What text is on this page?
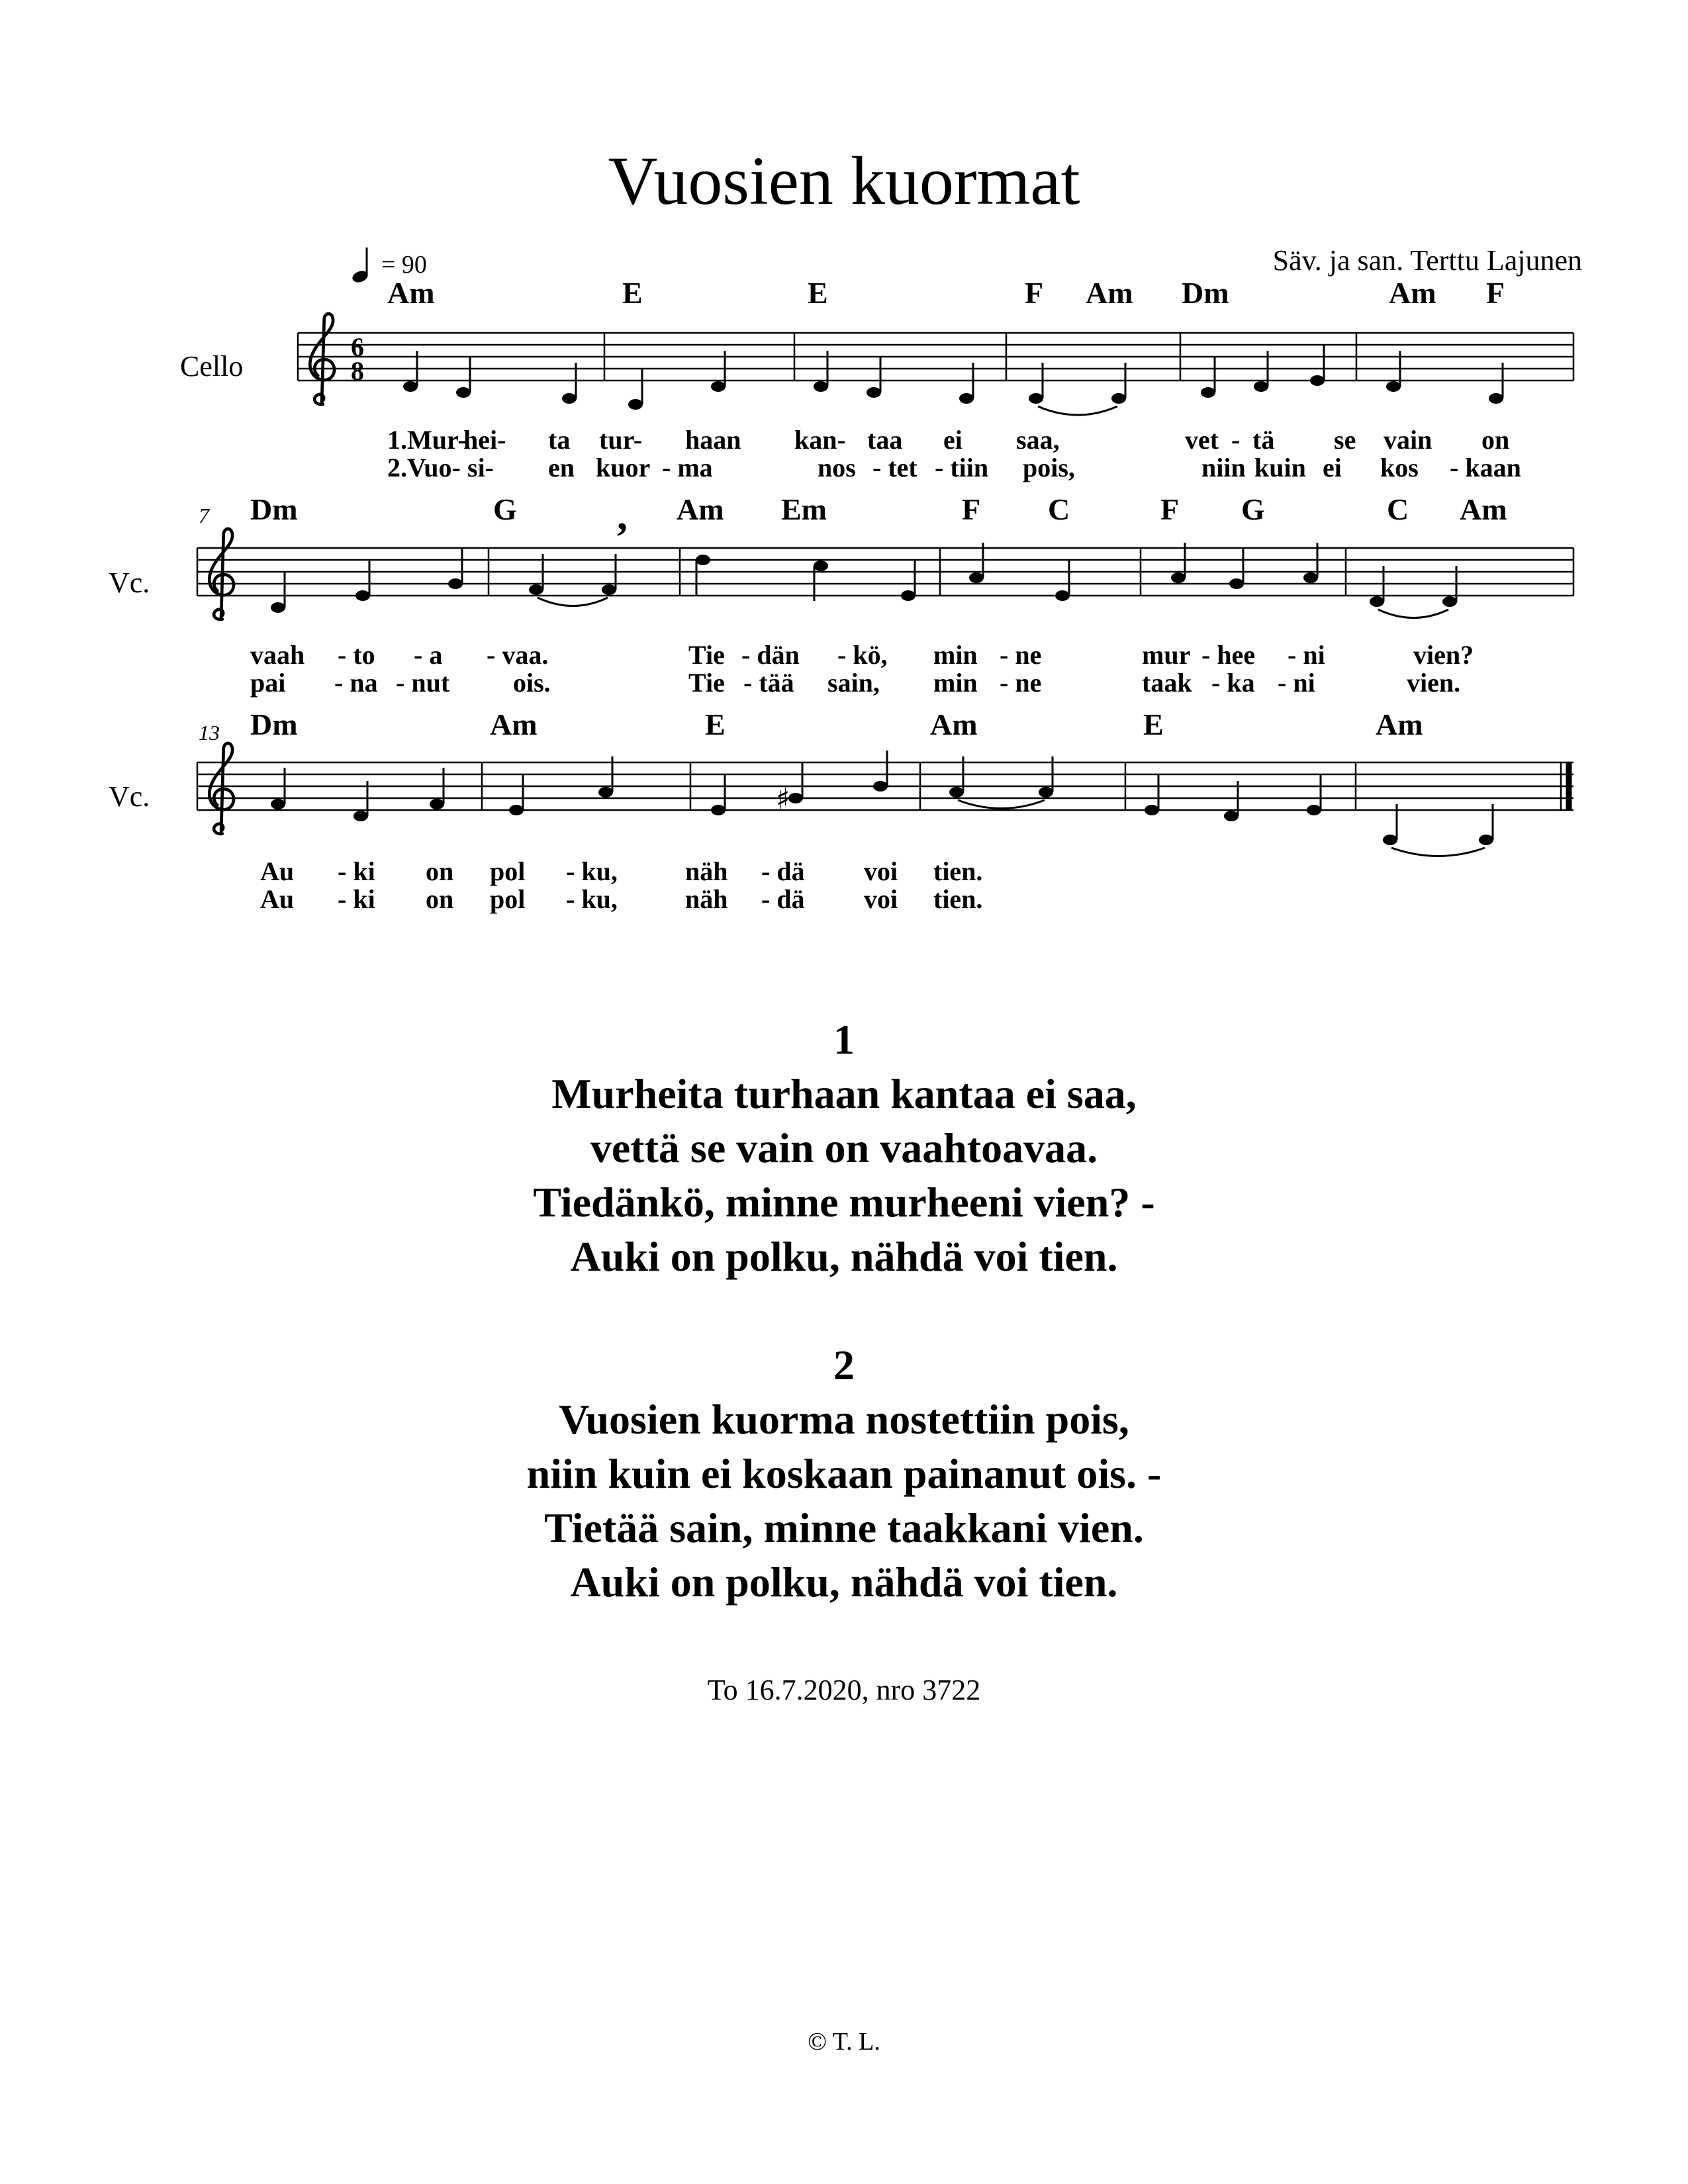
Vuosien kuormat
Säv. ja san. Terttu Lajunen
= 90
Cello
Vc.
Vc.
6
8
♯
Am	E	E	F Am Dm	Am F
1.Mur-
hei- ta tur- haan kan- taa ei saa,	vet - tä se vain on
2.Vuo- si- en kuor - ma	nos - tet - tiin pois,	niin kuin ei kos - kaan
7 Dm	G	Am Em	F C	F G	C Am
,
vaah - to - a - vaa.	Tie - dän - kö, min - ne	mur - hee - ni	vien?
pai - na - nut ois.	Tie - tää sain, min - ne	taak - ka - ni	vien.
13 Dm	Am	E	Am	E	Am
Au - ki on pol - ku,	näh - dä voi tien.
Au - ki on pol - ku,	näh - dä voi tien.
1
Murheita turhaan kantaa ei saa,
vettä se vain on vaahtoavaa.
Tiedänkö, minne murheeni vien? -
Auki on polku, nähdä voi tien.
2
Vuosien kuorma nostettiin pois,
niin kuin ei koskaan painanut ois. -
Tietää sain, minne taakkani vien.
Auki on polku, nähdä voi tien.
To 16.7.2020, nro 3722
© T. L.
